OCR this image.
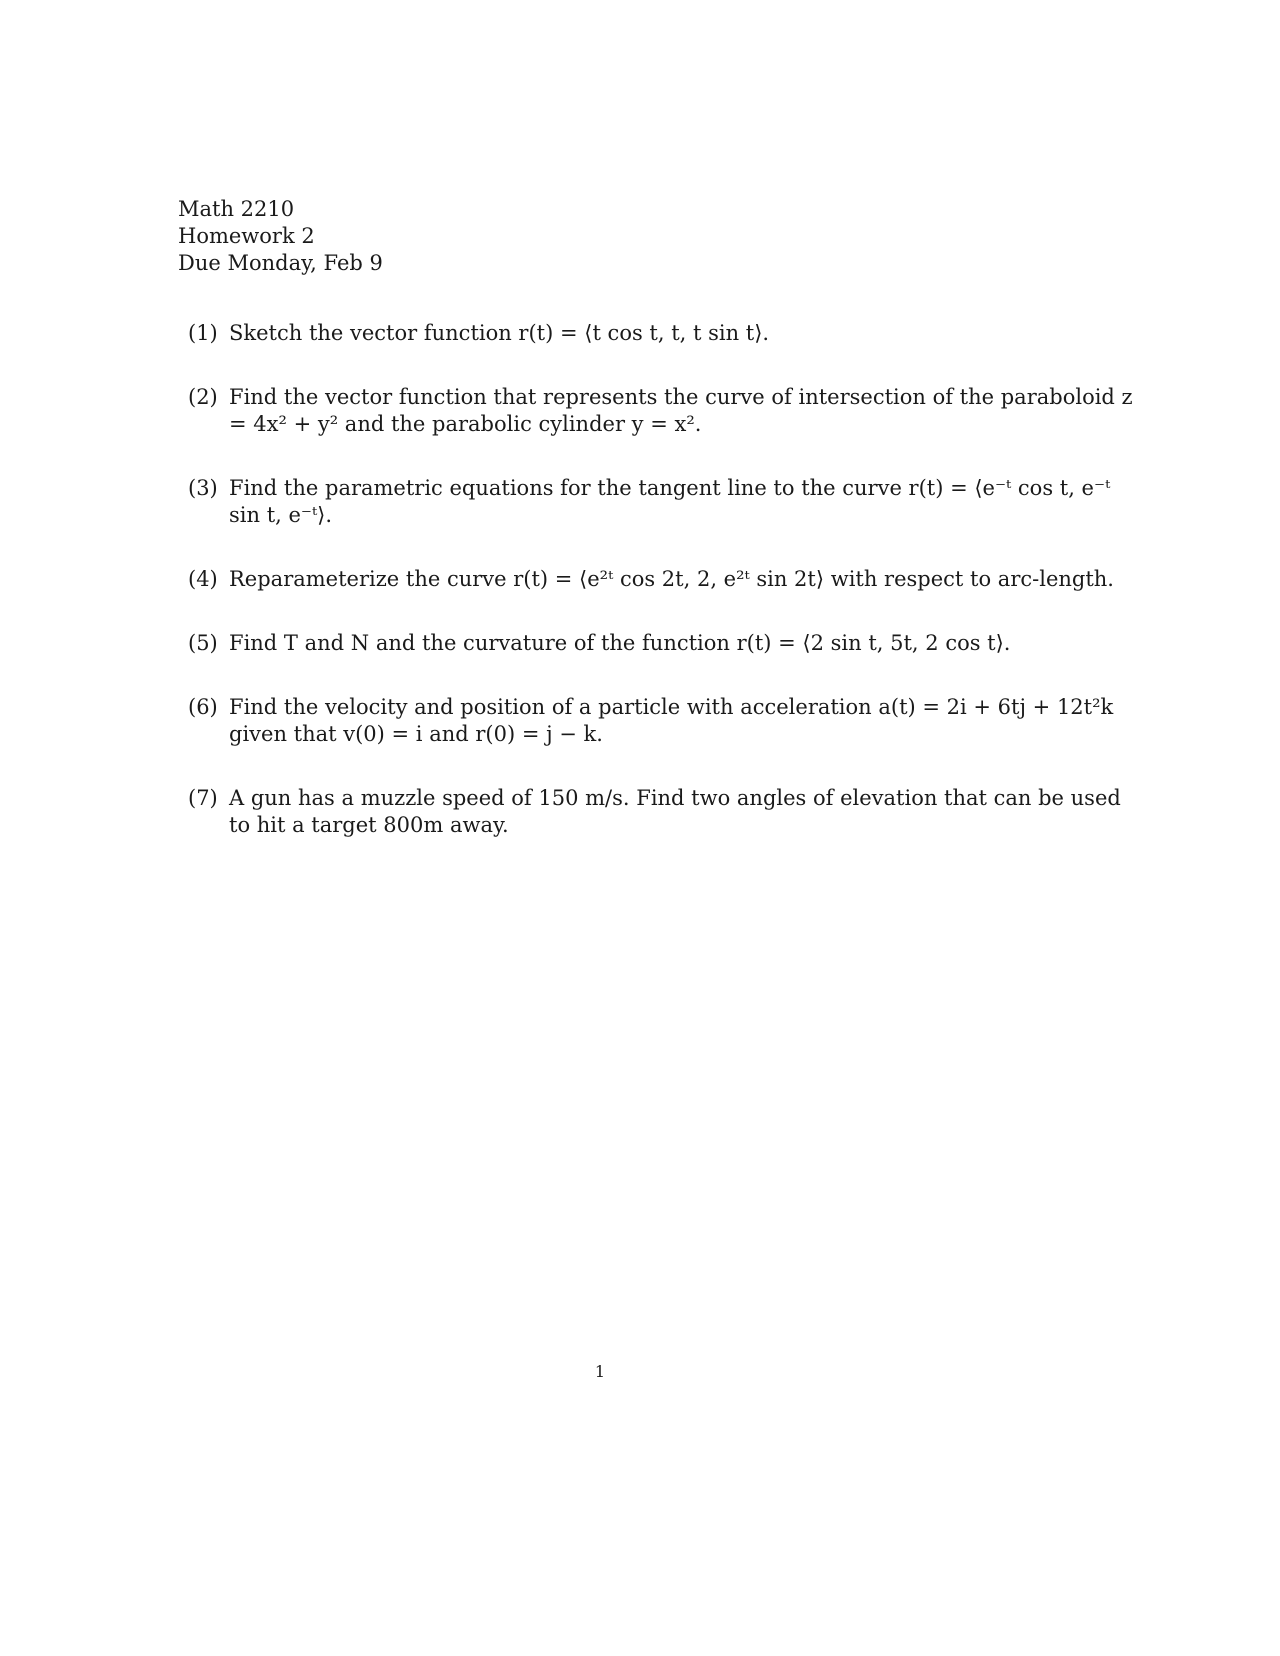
Math 2210
Homework 2
Due Monday, Feb 9
(1) Sketch the vector function r(t) = ⟨t cos t, t, t sin t⟩.
(2) Find the vector function that represents the curve of intersection of the paraboloid z = 4x² + y² and the parabolic cylinder y = x².
(3) Find the parametric equations for the tangent line to the curve r(t) = ⟨e⁻ᵗ cos t, e⁻ᵗ sin t, e⁻ᵗ⟩.
(4) Reparameterize the curve r(t) = ⟨e²ᵗ cos 2t, 2, e²ᵗ sin 2t⟩ with respect to arc-length.
(5) Find T and N and the curvature of the function r(t) = ⟨2 sin t, 5t, 2 cos t⟩.
(6) Find the velocity and position of a particle with acceleration a(t) = 2i + 6tj + 12t²k given that v(0) = i and r(0) = j − k.
(7) A gun has a muzzle speed of 150 m/s. Find two angles of elevation that can be used to hit a target 800m away.
1
